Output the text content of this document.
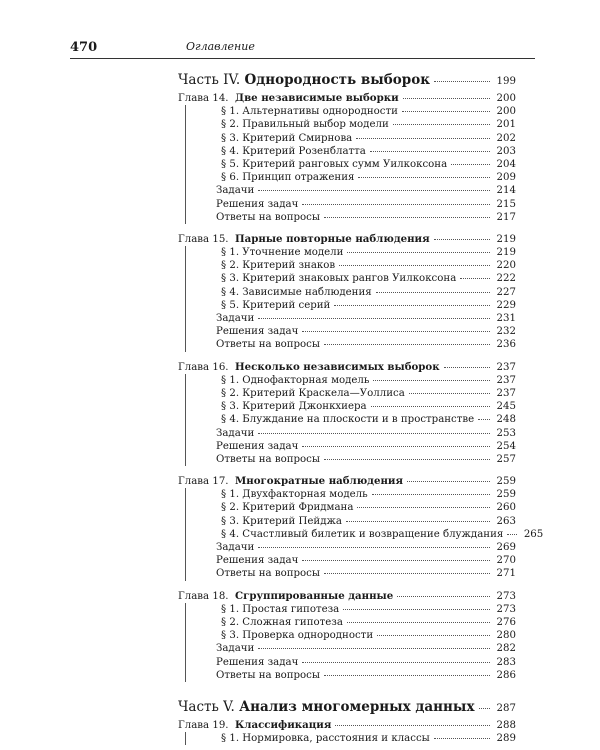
470	Оглавление
Часть IV. Однородность выборок	199
Глава 14. Две независимые выборки	200
§ 1. Альтернативы однородности	200
§ 2. Правильный выбор модели	201
§ 3. Критерий Смирнова	202
§ 4. Критерий Розенблатта	203
§ 5. Критерий ранговых сумм Уилкоксона	204
§ 6. Принцип отражения	209
Задачи	214
Решения задач	215
Ответы на вопросы	217
Глава 15. Парные повторные наблюдения	219
§ 1. Уточнение модели	219
§ 2. Критерий знаков	220
§ 3. Критерий знаковых рангов Уилкоксона	222
§ 4. Зависимые наблюдения	227
§ 5. Критерий серий	229
Задачи	231
Решения задач	232
Ответы на вопросы	236
Глава 16. Несколько независимых выборок	237
§ 1. Однофакторная модель	237
§ 2. Критерий Краскела—Уоллиса	237
§ 3. Критерий Джонкхиера	245
§ 4. Блуждание на плоскости и в пространстве 248
Задачи	253
Решения задач	254
Ответы на вопросы	257
Глава 17. Многократные наблюдения	259
§ 1. Двухфакторная модель	259
§ 2. Критерий Фридмана	260
§ 3. Критерий Пейджа	263
§ 4. Счастливый билетик и возвращение блуждания 265
Задачи	269
Решения задач	270
Ответы на вопросы	271
Глава 18. Сгруппированные данные	273
§ 1. Простая гипотеза	273
§ 2. Сложная гипотеза	276
§ 3. Проверка однородности	280
Задачи	282
Решения задач	283
Ответы на вопросы	286
Часть V. Анализ многомерных данных 287
Глава 19. Классификация	288
§ 1. Нормировка, расстояния и классы	289
